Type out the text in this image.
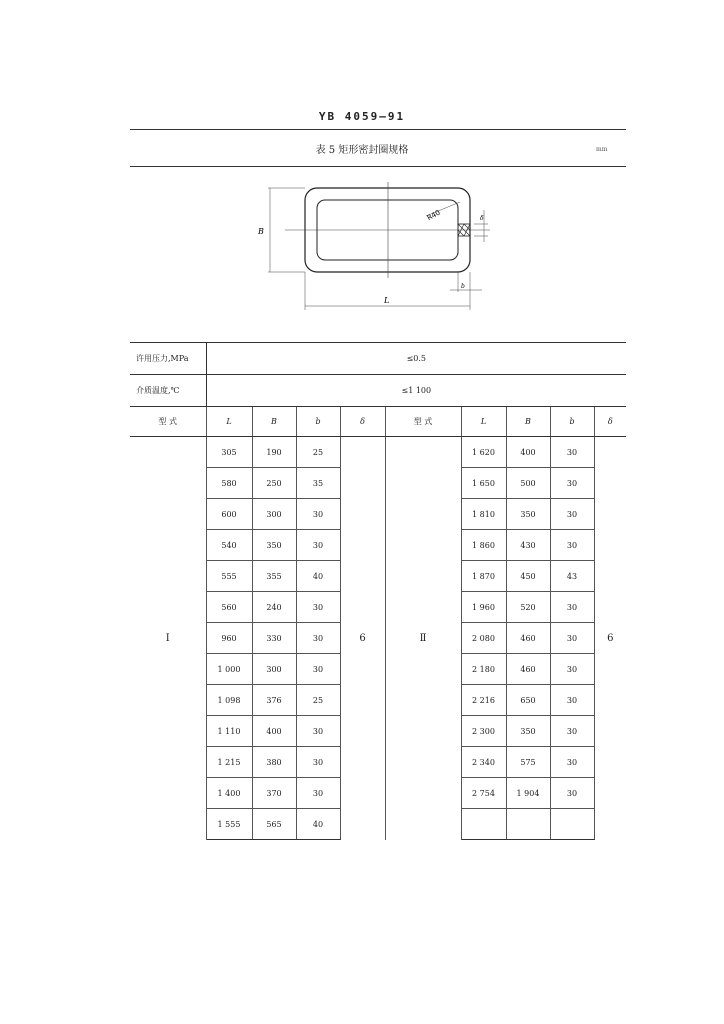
YB 4059—91
表 5 矩形密封圈规格	mm
B
L
R40
b
δ
许用压力,MPa	≤0.5								
介质温度,℃	≤1 100								
型 式	L	B	b	δ	型 式	L	B	b	δ
Ⅰ	305	190	25	6	Ⅱ	1 620	400	30	6
	580	250	35			1 650	500	30	
	600	300	30			1 810	350	30	
	540	350	30			1 860	430	30	
	555	355	40			1 870	450	43	
	560	240	30			1 960	520	30	
	960	330	30			2 080	460	30	
	1 000	300	30			2 180	460	30	
	1 098	376	25			2 216	650	30	
	1 110	400	30			2 300	350	30	
	1 215	380	30			2 340	575	30	
	1 400	370	30			2 754	1 904	30	
	1 555	565	40						
